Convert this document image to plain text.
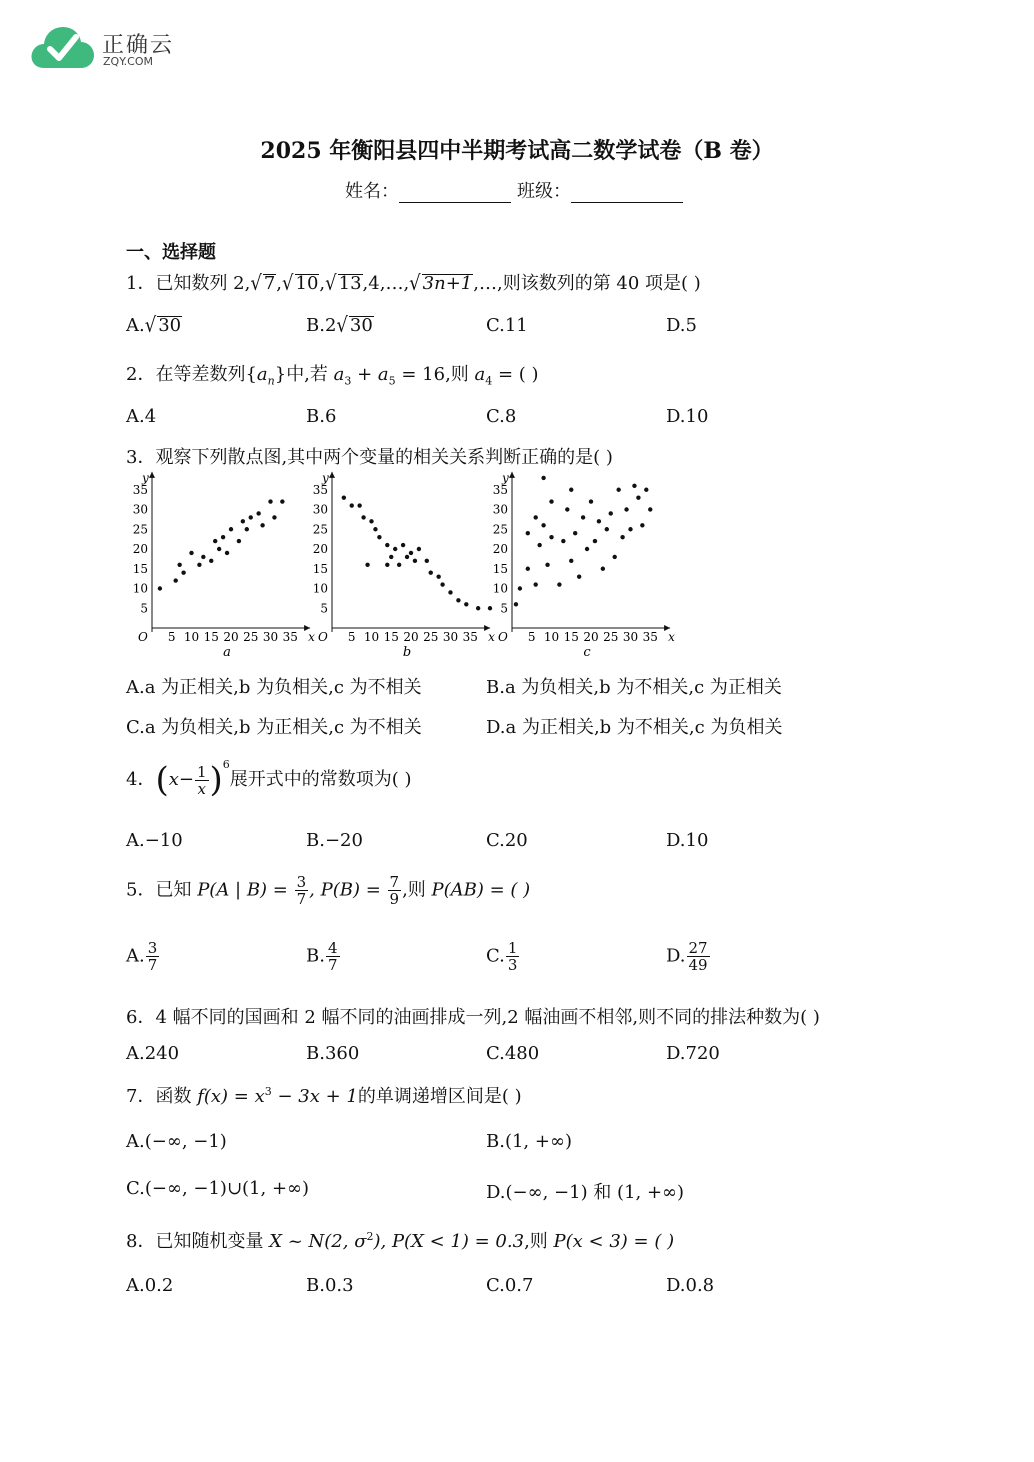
正确云
ZQY.COM
2025 年衡阳县四中半期考试高二数学试卷（B 卷）
姓名：	班级：
一、选择题
1．已知数列 2,√ 7,√ 10,√ 13,4,…,√ 3n+1,…,则该数列的第 40 项是( )
A.√ 30	B.2√ 30	C.11	D.5
2．在等差数列$\{a_n\}$中,若 $a_3 + a_5 = 16$,则 $a_4$ = ( )
A.4	B.6	C.8	D.10
3．观察下列散点图,其中两个变量的相关关系判断正确的是( )
5 10 15 20 25 30 35
5
10
15
20
25
30
35
O	x
y
a
5 10 15 20 25 30 35
5
10
15
20
25
30
35
O	x
y
b
5 10 15 20 25 30 35
5
10
15
20
25
30
35
O	x
y
c
A.a 为正相关,b 为负相关,c 为不相关	B.a 为负相关,b 为不相关,c 为正相关
C.a 为负相关,b 为正相关,c 为不相关	D.a 为正相关,b 为不相关,c 为负相关
4．$(x- \frac{1}{x} )^6$展开式中的常数项为( )
A.−10	B.−20	C.20	D.10
5．已知 P(A | $B) = \frac{3}{7}$ , $P(B) = \frac{7}{9}$ ,则 P(AB) = ( )
A. $\frac{3}{7}$	B. $\frac{4}{7}$	C. $\frac{1}{3}$	D. $\frac{27}{49}$
6．4 幅不同的国画和 2 幅不同的油画排成一列,2 幅油画不相邻,则不同的排法种数为( )
A.240	B.360	C.480	D.720
7．函数 $f(x) = x^3 - 3x + 1$的单调递增区间是( )
A.(−∞, −1)	B.(1, +∞)
C.(−∞, −1)∪(1, +∞)	D.(−∞, −1) 和 (1, +∞)
8．已知随机变量 X ~ N(2, $\sigma^2$), P(X < 1) = 0.3,则 P(x < 3) = ( )
A.0.2	B.0.3	C.0.7	D.0.8
